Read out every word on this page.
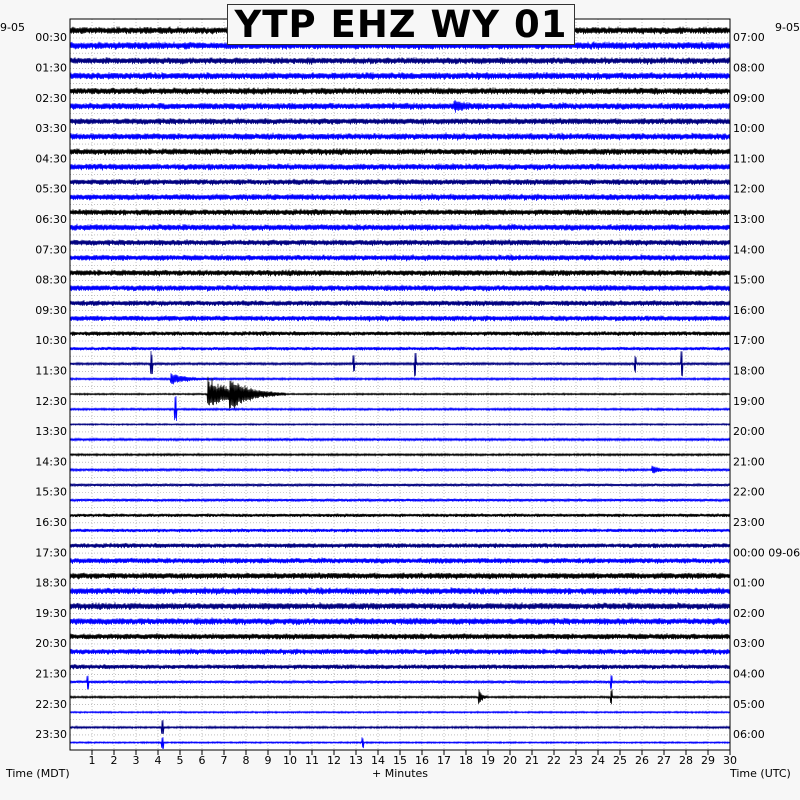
1 2 3 4 5 6 7 8 9 10 11 12 13 14 15 16 17 18 19 20 21 22 23 24 25 26 27 28 29 30
00:30
01:30
02:30
03:30
04:30
05:30
06:30
07:30
08:30
09:30
10:30
11:30
12:30
13:30
14:30
15:30
16:30
17:30
18:30
19:30
20:30
21:30
22:30
23:30
07:00
08:00
09:00
10:00
11:00
12:00
13:00
14:00
15:00
16:00
17:00
18:00
19:00
20:00
21:00
22:00
23:00
00:00 09-06
01:00
02:00
03:00
04:00
05:00
06:00
9-05	9-05
Time (MDT)	+ Minutes	Time (UTC)
YTP EHZ WY 01
